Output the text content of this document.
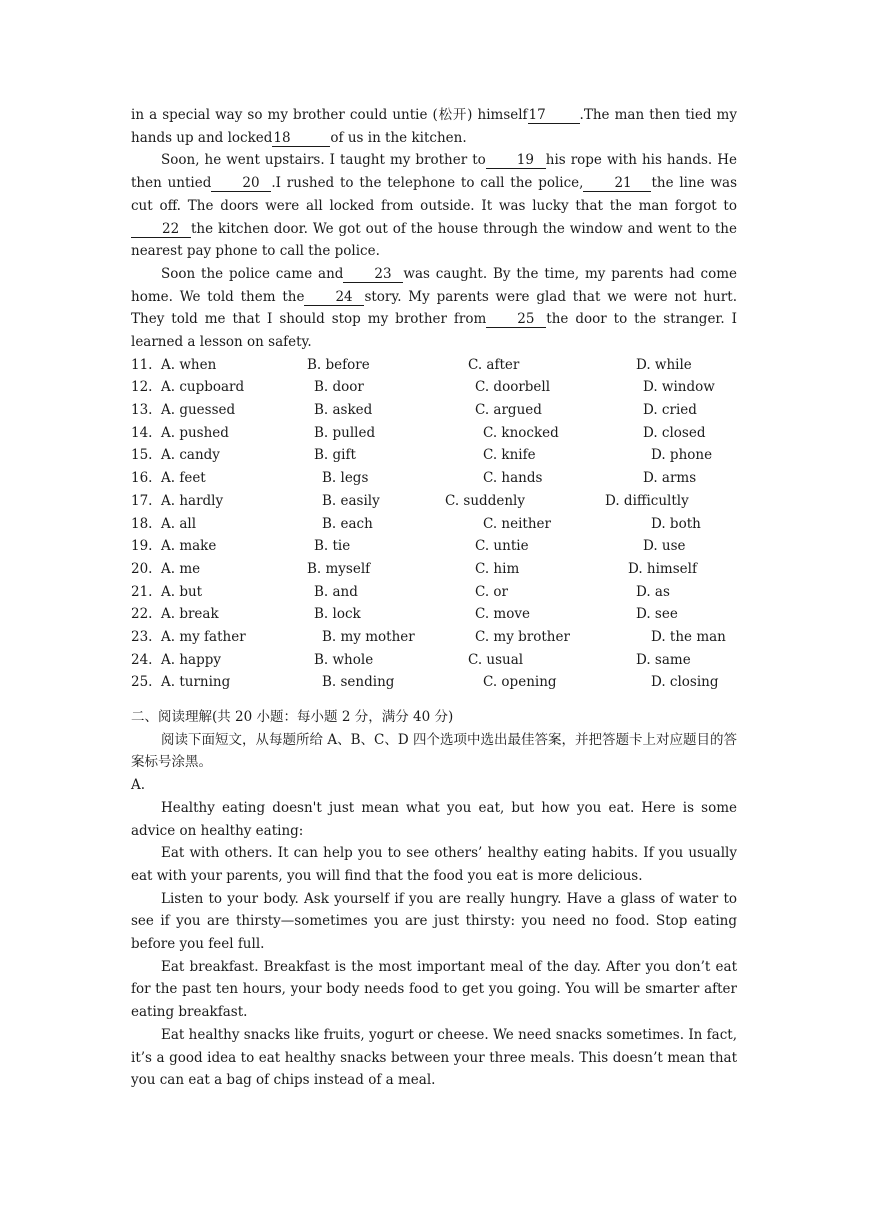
in a special way so my brother could untie (松开) himself17	.The man then tied my hands up and locked18	of us in the kitchen.

Soon, he went upstairs. I taught my brother to 19 his rope with his hands. He then untied 20 .I rushed to the telephone to call the police, 21 the line was cut off. The doors were all locked from outside. It was lucky that the man forgot to22 the kitchen door. We got out of the house through the window and went to the nearest pay phone to call the police.

Soon the police came and 23 was caught. By the time, my parents had come home. We told them the 24 story. My parents were glad that we were not hurt. They told me that I should stop my brother from 25 the door to the stranger. I learned a lesson on safety.

11. A. when	B. before	C. after	D. while
12. A. cupboard	B. door	C. doorbell	D. window
13. A. guessed	B. asked	C. argued	D. cried
14. A. pushed	B. pulled	C. knocked	D. closed
15. A. candy	B. gift	C. knife	D. phone
16. A. feet	B. legs	C. hands	D. arms
17. A. hardly	B. easily	C. suddenly	D. difficultly
18. A. all	B. each	C. neither	D. both
19. A. make	B. tie	C. untie	D. use
20. A. me	B. myself	C. him	D. himself
21. A. but	B. and	C. or	D. as
22. A. break	B. lock	C. move	D. see
23. A. my father	B. my mother	C. my brother	D. the man
24. A. happy	B. whole	C. usual	D. same
25. A. turning	B. sending	C. opening	D. closing

二、阅读理解(共 20 小题：每小题 2 分，满分 40 分)

阅读下面短文，从每题所给 A、B、C、D 四个选项中选出最佳答案，并把答题卡上对应题目的答案标号涂黑。

A.

Healthy eating doesn't just mean what you eat, but how you eat. Here is some advice on healthy eating:

Eat with others. It can help you to see others’ healthy eating habits. If you usually eat with your parents, you will find that the food you eat is more delicious.

Listen to your body. Ask yourself if you are really hungry. Have a glass of water to see if you are thirsty—sometimes you are just thirsty: you need no food. Stop eating before you feel full.

Eat breakfast. Breakfast is the most important meal of the day. After you don’t eat for the past ten hours, your body needs food to get you going. You will be smarter after eating breakfast.

Eat healthy snacks like fruits, yogurt or cheese. We need snacks sometimes. In fact, it’s a good idea to eat healthy snacks between your three meals. This doesn’t mean that you can eat a bag of chips instead of a meal.
